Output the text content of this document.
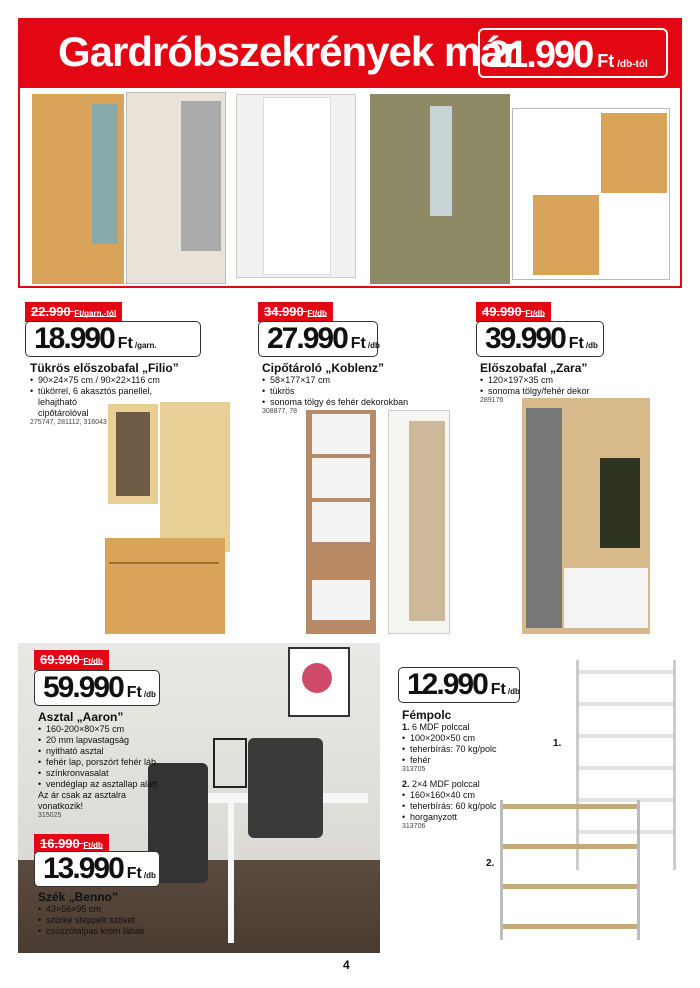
Gardróbszekrények már
21.990 Ft /db-tól
22.990 Ft/garn.-tól
18.990 Ft /garn.
Tükrös előszobafal „Filio”
• 90×24×75 cm / 90×22×116 cm
• tükörrel, 6 akasztós panellel,
lehajtható
cipőtárolóval
275747, 281112, 316043
34.990 Ft/db
27.990 Ft /db
Cipőtároló „Koblenz”
• 58×177×17 cm
• tükrös
• sonoma tölgy és fehér dekorokban
308877, 78
49.990 Ft/db
39.990 Ft /db
Előszobafal „Zara”
• 120×197×35 cm
• sonoma tölgy/fehér dekor
289176
69.990 Ft/db
59.990 Ft /db
Asztal „Aaron”
• 160-200×80×75 cm
• 20 mm lapvastagság
• nyitható asztal
• fehér lap, porszórt fehér láb
• színkronvasalat
• vendéglap az asztallap alatt
Az ár csak az asztalra
vonatkozik!
315025
16.990 Ft/db
13.990 Ft /db
Szék „Benno”
• 43×56×95 cm
• szürke steppelt szövet
• csúszótalpas króm lábak
315024
12.990 Ft /db
Fémpolc
1. 6 MDF polccal
• 100×200×50 cm
• teherbírás: 70 kg/polc
• fehér
313705
2. 2×4 MDF polccal
• 160×160×40 cm
• teherbírás: 60 kg/polc
• horganyzott
313706
1.
2.
4
